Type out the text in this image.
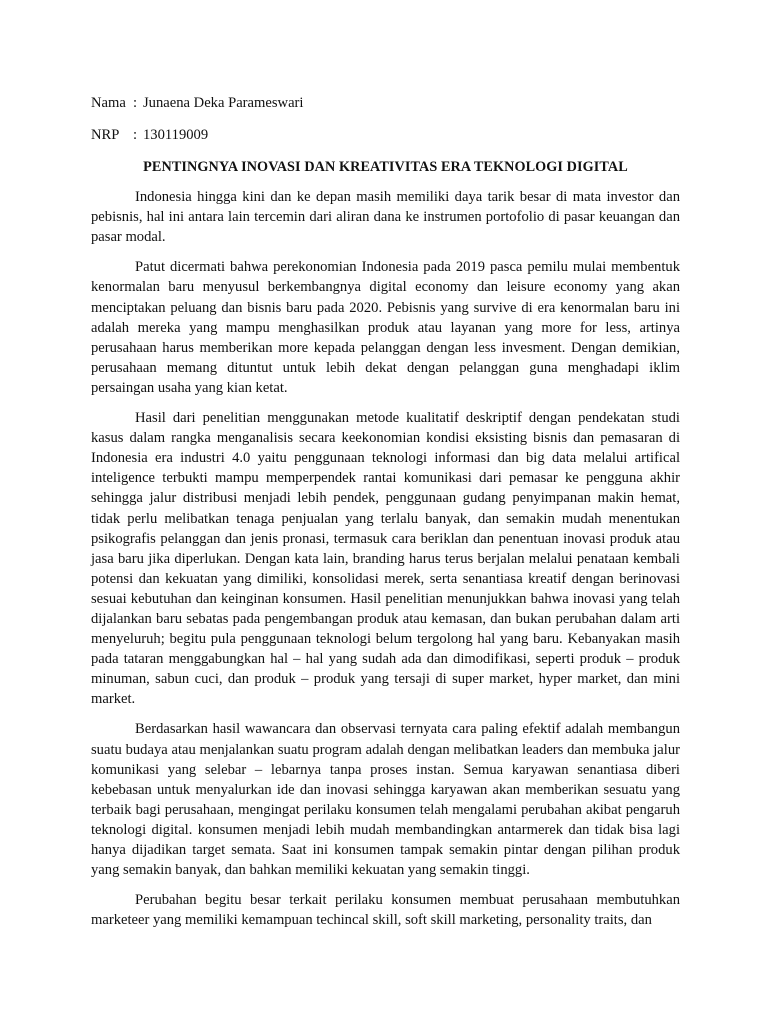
Nama : Junaena Deka Parameswari
NRP : 130119009
PENTINGNYA INOVASI DAN KREATIVITAS ERA TEKNOLOGI DIGITAL

Indonesia hingga kini dan ke depan masih memiliki daya tarik besar di mata investor dan pebisnis, hal ini antara lain tercemin dari aliran dana ke instrumen portofolio di pasar keuangan dan pasar modal.

Patut dicermati bahwa perekonomian Indonesia pada 2019 pasca pemilu mulai membentuk kenormalan baru menyusul berkembangnya digital economy dan leisure economy yang akan menciptakan peluang dan bisnis baru pada 2020. Pebisnis yang survive di era kenormalan baru ini adalah mereka yang mampu menghasilkan produk atau layanan yang more for less, artinya perusahaan harus memberikan more kepada pelanggan dengan less invesment. Dengan demikian, perusahaan memang dituntut untuk lebih dekat dengan pelanggan guna menghadapi iklim persaingan usaha yang kian ketat.

Hasil dari penelitian menggunakan metode kualitatif deskriptif dengan pendekatan studi kasus dalam rangka menganalisis secara keekonomian kondisi eksisting bisnis dan pemasaran di Indonesia era industri 4.0 yaitu penggunaan teknologi informasi dan big data melalui artifical inteligence terbukti mampu memperpendek rantai komunikasi dari pemasar ke pengguna akhir sehingga jalur distribusi menjadi lebih pendek, penggunaan gudang penyimpanan makin hemat, tidak perlu melibatkan tenaga penjualan yang terlalu banyak, dan semakin mudah menentukan psikografis pelanggan dan jenis pronasi, termasuk cara beriklan dan penentuan inovasi produk atau jasa baru jika diperlukan. Dengan kata lain, branding harus terus berjalan melalui penataan kembali potensi dan kekuatan yang dimiliki, konsolidasi merek, serta senantiasa kreatif dengan berinovasi sesuai kebutuhan dan keinginan konsumen. Hasil penelitian menunjukkan bahwa inovasi yang telah dijalankan baru sebatas pada pengembangan produk atau kemasan, dan bukan perubahan dalam arti menyeluruh; begitu pula penggunaan teknologi belum tergolong hal yang baru. Kebanyakan masih pada tataran menggabungkan hal – hal yang sudah ada dan dimodifikasi, seperti produk – produk minuman, sabun cuci, dan produk – produk yang tersaji di super market, hyper market, dan mini market.

Berdasarkan hasil wawancara dan observasi ternyata cara paling efektif adalah membangun suatu budaya atau menjalankan suatu program adalah dengan melibatkan leaders dan membuka jalur komunikasi yang selebar – lebarnya tanpa proses instan. Semua karyawan senantiasa diberi kebebasan untuk menyalurkan ide dan inovasi sehingga karyawan akan memberikan sesuatu yang terbaik bagi perusahaan, mengingat perilaku konsumen telah mengalami perubahan akibat pengaruh teknologi digital. konsumen menjadi lebih mudah membandingkan antarmerek dan tidak bisa lagi hanya dijadikan target semata. Saat ini konsumen tampak semakin pintar dengan pilihan produk yang semakin banyak, dan bahkan memiliki kekuatan yang semakin tinggi.

Perubahan begitu besar terkait perilaku konsumen membuat perusahaan membutuhkan marketeer yang memiliki kemampuan techincal skill, soft skill marketing, personality traits, dan
